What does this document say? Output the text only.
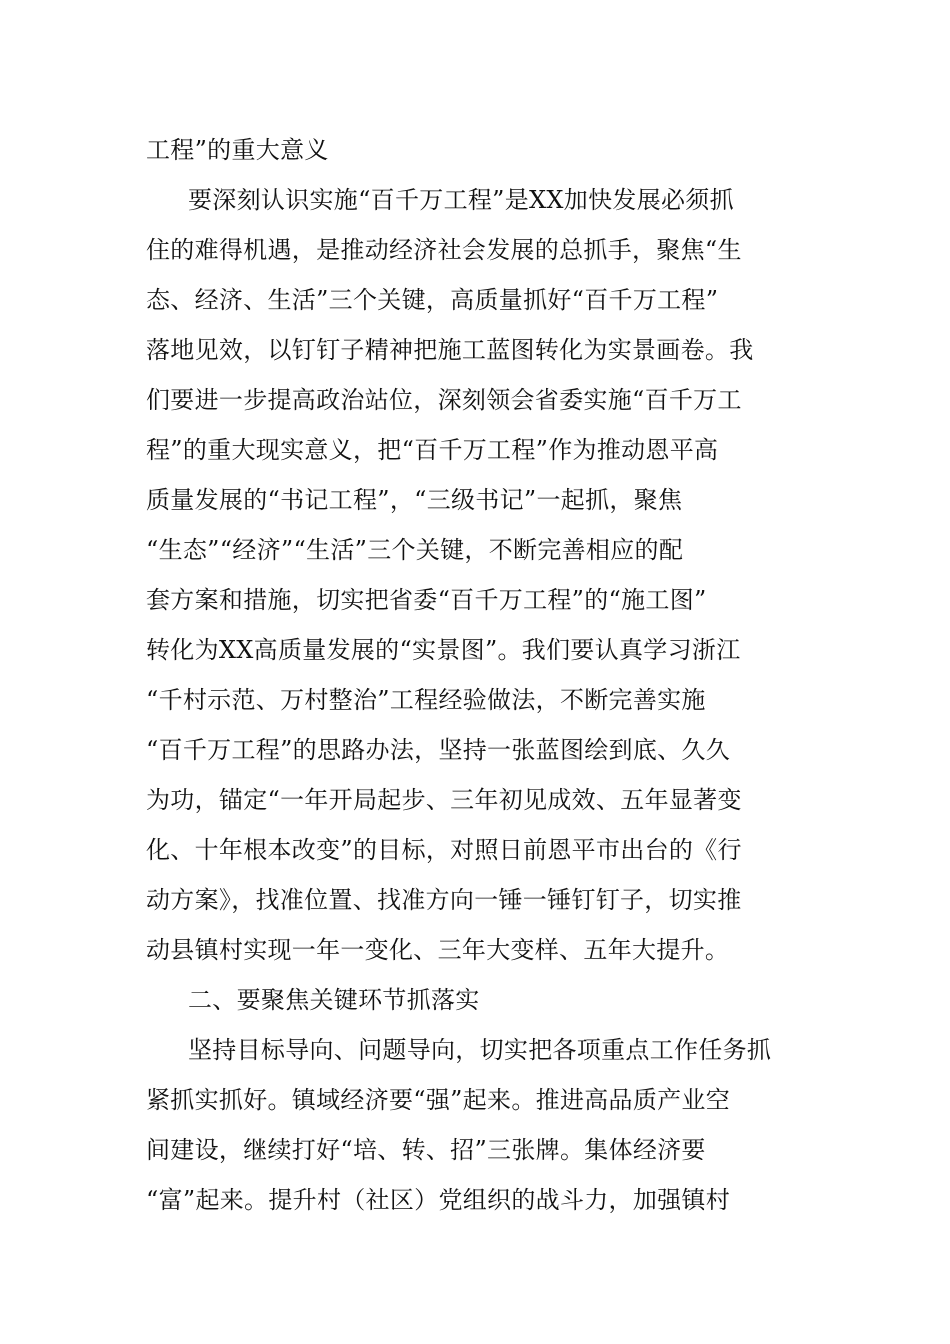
工程”的重大意义
要深刻认识实施“百千万工程”是XX加快发展必须抓
住的难得机遇，是推动经济社会发展的总抓手，聚焦“生
态、经济、生活”三个关键，高质量抓好“百千万工程”
落地见效，以钉钉子精神把施工蓝图转化为实景画卷。我
们要进一步提高政治站位，深刻领会省委实施“百千万工
程”的重大现实意义，把“百千万工程”作为推动恩平高
质量发展的“书记工程”，“三级书记”一起抓，聚焦
“生态”“经济”“生活”三个关键，不断完善相应的配
套方案和措施，切实把省委“百千万工程”的“施工图”
转化为XX高质量发展的“实景图”。我们要认真学习浙江
“千村示范、万村整治”工程经验做法，不断完善实施
“百千万工程”的思路办法，坚持一张蓝图绘到底、久久
为功，锚定“一年开局起步、三年初见成效、五年显著变
化、十年根本改变”的目标，对照日前恩平市出台的《行
动方案》，找准位置、找准方向一锤一锤钉钉子，切实推
动县镇村实现一年一变化、三年大变样、五年大提升。
二、要聚焦关键环节抓落实
坚持目标导向、问题导向，切实把各项重点工作任务抓
紧抓实抓好。镇域经济要“强”起来。推进高品质产业空
间建设，继续打好“培、转、招”三张牌。集体经济要
“富”起来。提升村（社区）党组织的战斗力，加强镇村
